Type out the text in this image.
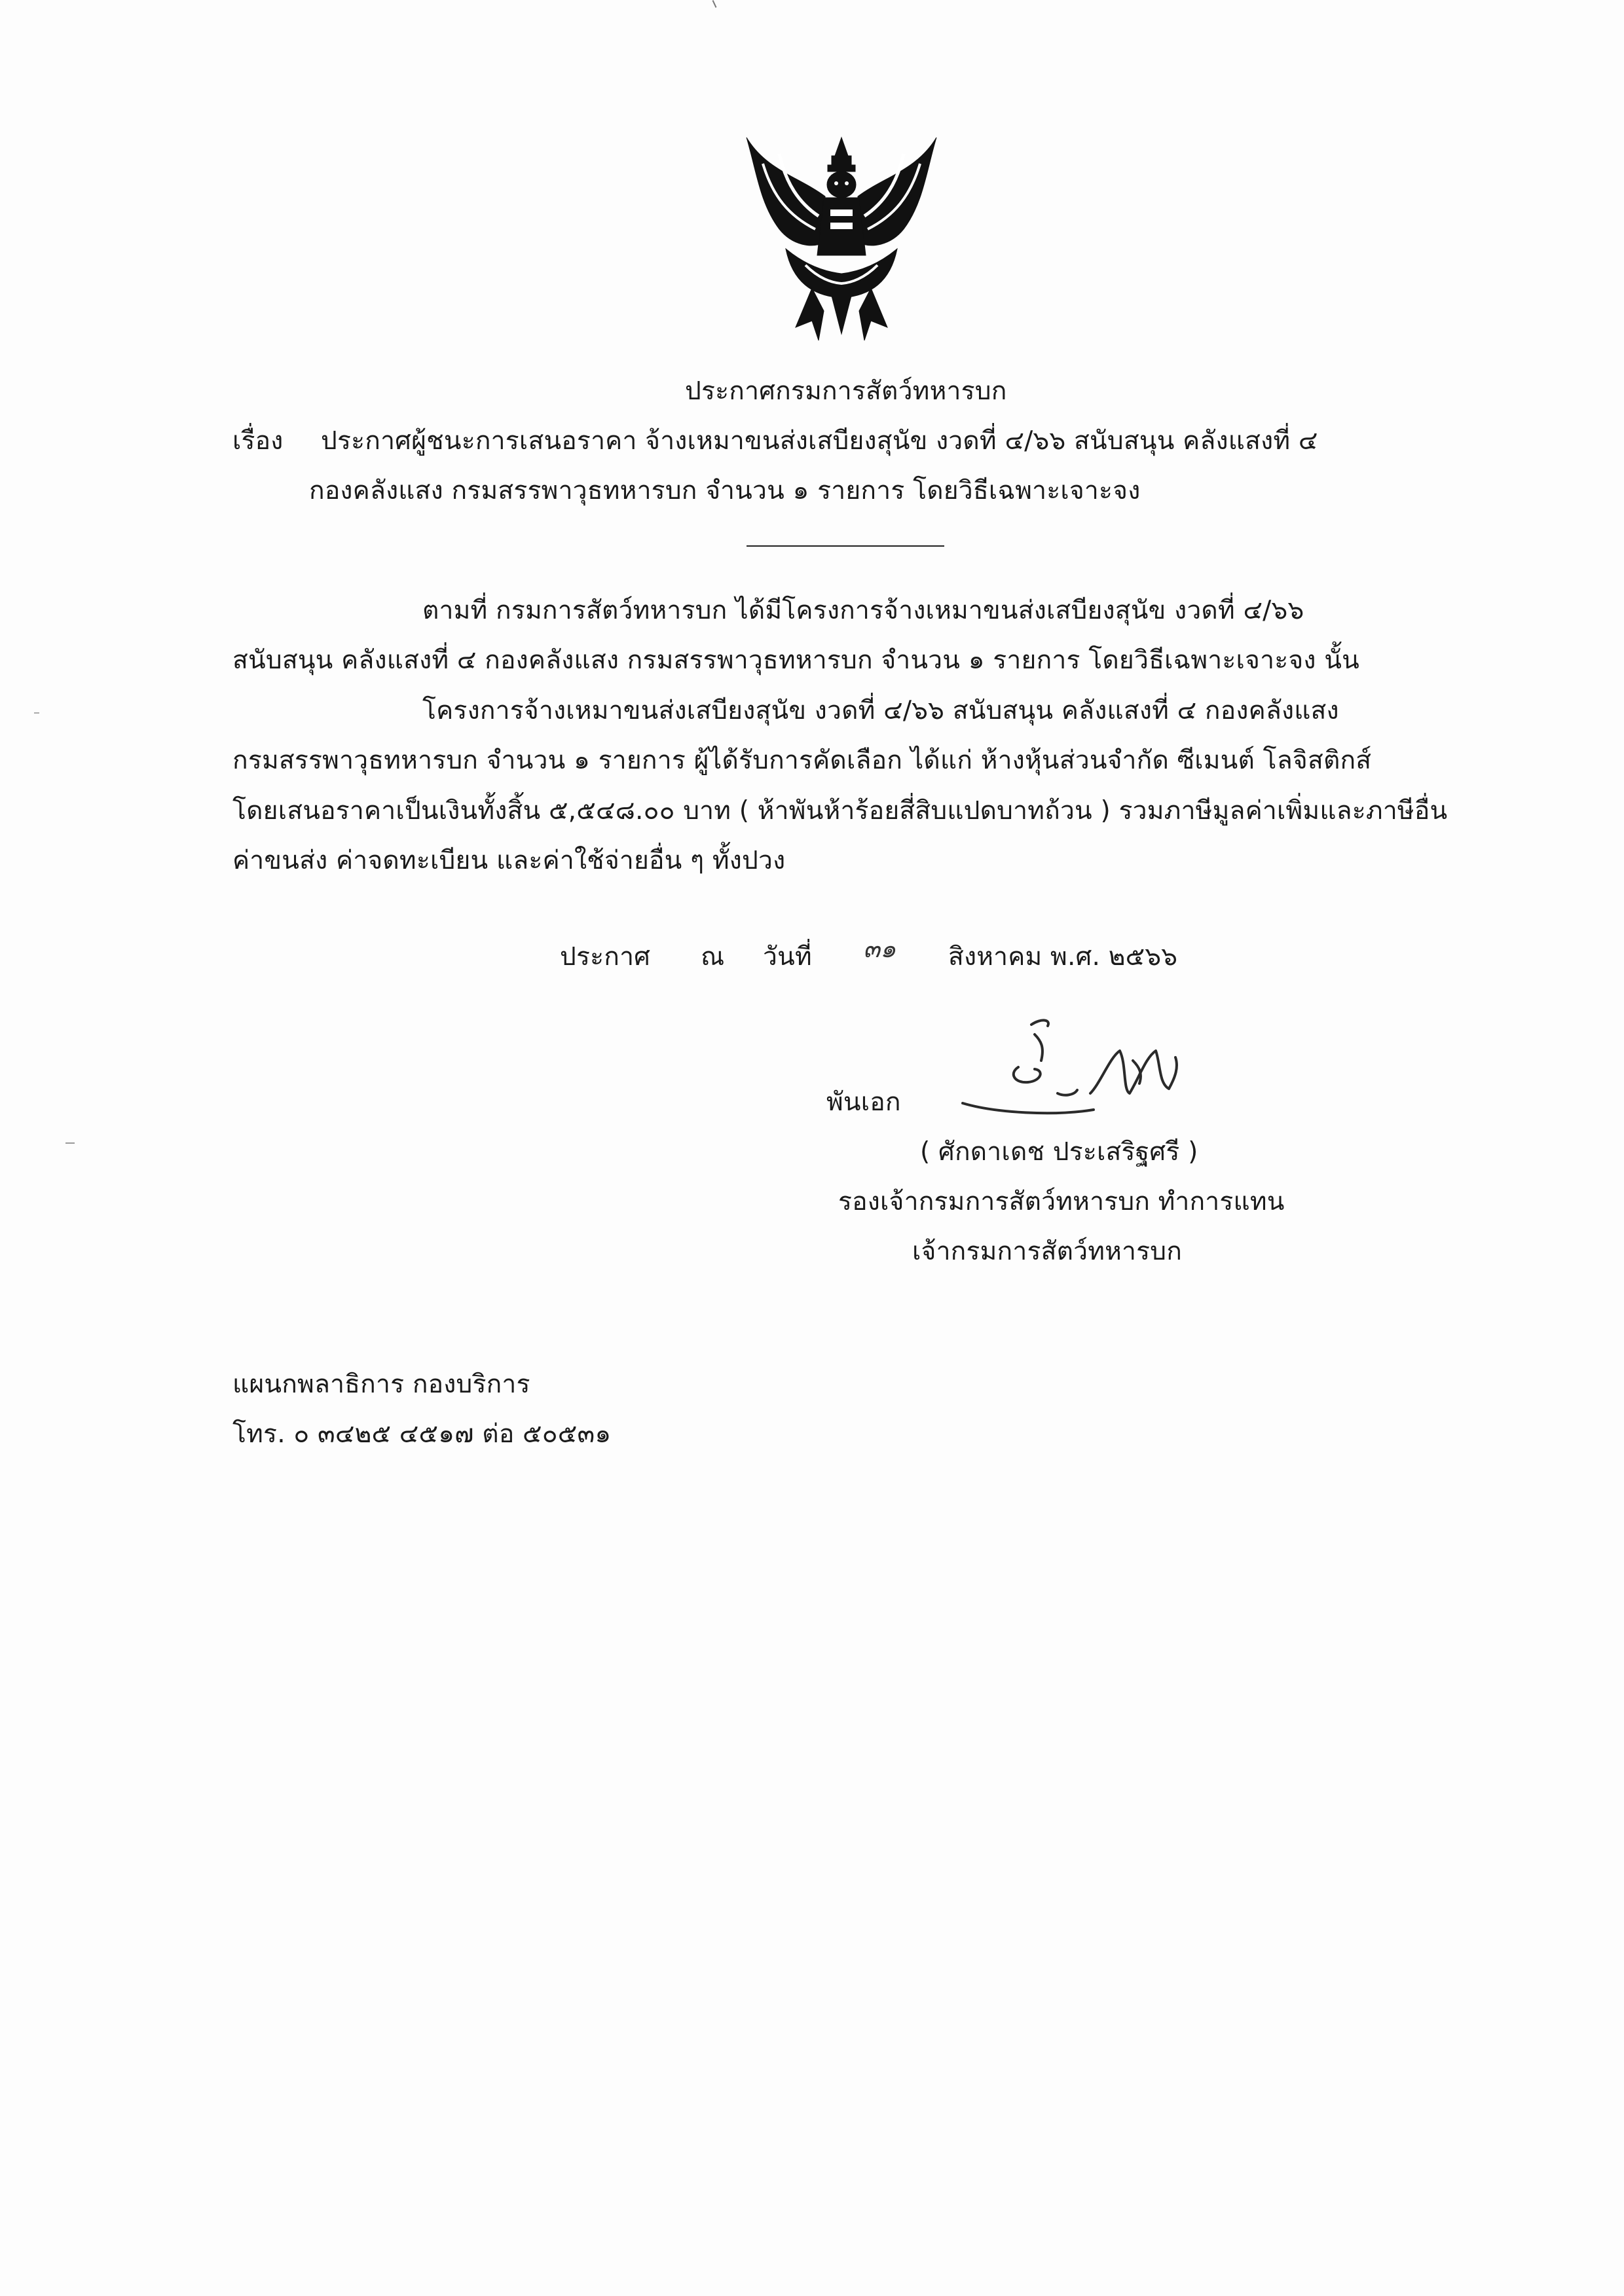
ประกาศกรมการสัตว์ทหารบก
เรื่อง ประกาศผู้ชนะการเสนอราคา จ้างเหมาขนส่งเสบียงสุนัข งวดที่ ๔/๖๖ สนับสนุน คลังแสงที่ ๔
กองคลังแสง กรมสรรพาวุธทหารบก จำนวน ๑ รายการ โดยวิธีเฉพาะเจาะจง
ตามที่ กรมการสัตว์ทหารบก ได้มีโครงการจ้างเหมาขนส่งเสบียงสุนัข งวดที่ ๔/๖๖
สนับสนุน คลังแสงที่ ๔ กองคลังแสง กรมสรรพาวุธทหารบก จำนวน ๑ รายการ โดยวิธีเฉพาะเจาะจง นั้น
โครงการจ้างเหมาขนส่งเสบียงสุนัข งวดที่ ๔/๖๖ สนับสนุน คลังแสงที่ ๔ กองคลังแสง
กรมสรรพาวุธทหารบก จำนวน ๑ รายการ ผู้ได้รับการคัดเลือก ได้แก่ ห้างหุ้นส่วนจำกัด ซีเมนต์ โลจิสติกส์
โดยเสนอราคาเป็นเงินทั้งสิ้น ๕,๕๔๘.๐๐ บาท ( ห้าพันห้าร้อยสี่สิบแปดบาทถ้วน ) รวมภาษีมูลค่าเพิ่มและภาษีอื่น
ค่าขนส่ง ค่าจดทะเบียน และค่าใช้จ่ายอื่น ๆ ทั้งปวง
ประกาศ ณ วันที่ ๓๑ สิงหาคม พ.ศ. ๒๕๖๖
พันเอก
( ศักดาเดช ประเสริฐศรี )
รองเจ้ากรมการสัตว์ทหารบก ทำการแทน
เจ้ากรมการสัตว์ทหารบก
แผนกพลาธิการ กองบริการ
โทร. ๐ ๓๔๒๕ ๔๕๑๗ ต่อ ๕๐๕๓๑
